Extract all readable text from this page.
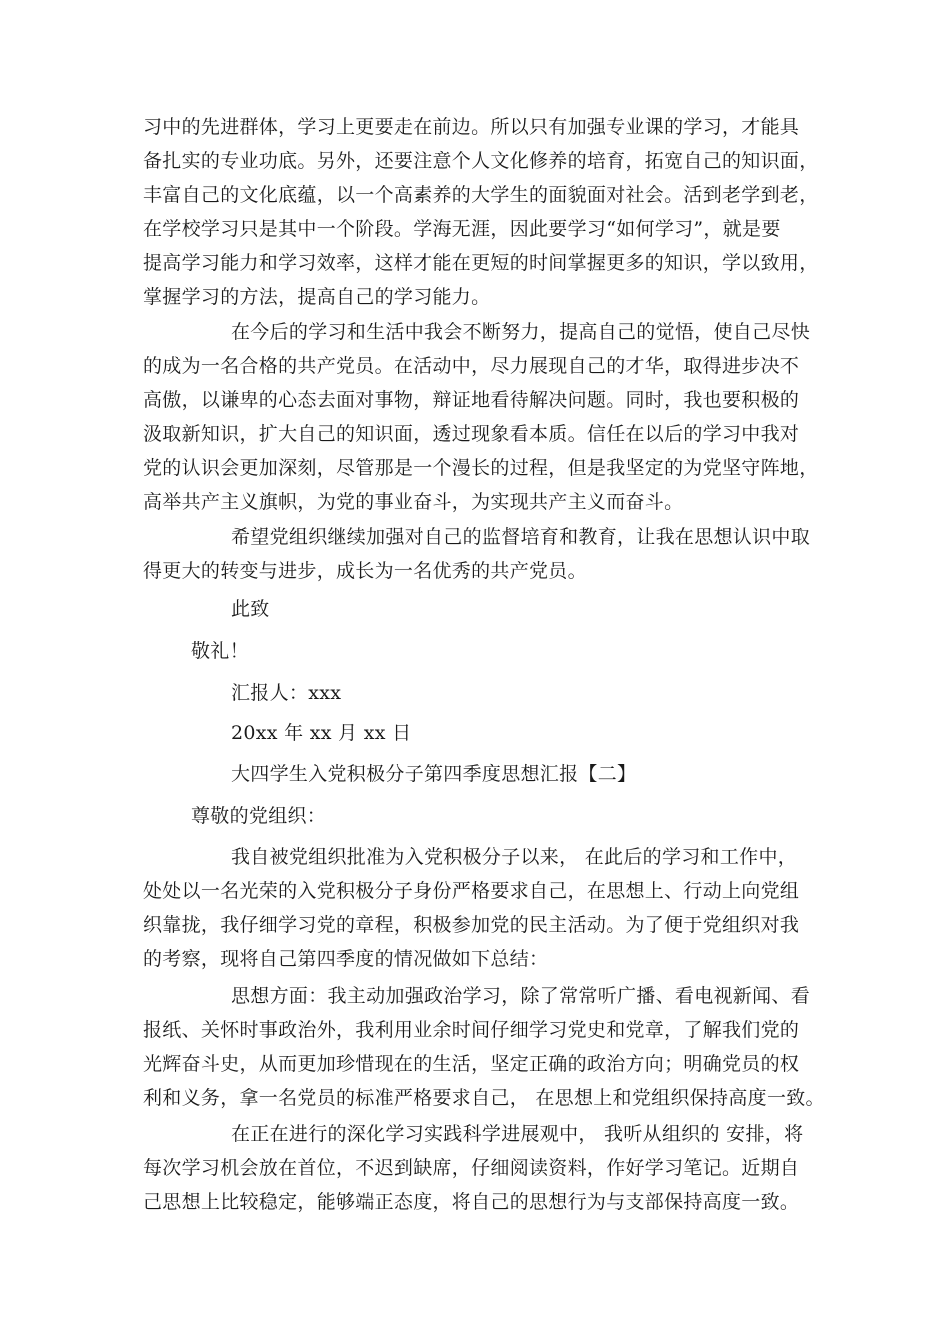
习中的先进群体，学习上更要走在前边。所以只有加强专业课的学习，才能具
备扎实的专业功底。另外，还要注意个人文化修养的培育，拓宽自己的知识面，
丰富自己的文化底蕴，以一个高素养的大学生的面貌面对社会。活到老学到老，
在学校学习只是其中一个阶段。学海无涯，因此要学习“如何学习”，就是要
提高学习能力和学习效率，这样才能在更短的时间掌握更多的知识，学以致用，
掌握学习的方法，提高自己的学习能力。
在今后的学习和生活中我会不断努力，提高自己的觉悟，使自己尽快
的成为一名合格的共产党员。在活动中，尽力展现自己的才华，取得进步决不
高傲，以谦卑的心态去面对事物，辩证地看待解决问题。同时，我也要积极的
汲取新知识，扩大自己的知识面，透过现象看本质。信任在以后的学习中我对
党的认识会更加深刻，尽管那是一个漫长的过程，但是我坚定的为党坚守阵地，
高举共产主义旗帜，为党的事业奋斗，为实现共产主义而奋斗。
希望党组织继续加强对自己的监督培育和教育，让我在思想认识中取
得更大的转变与进步，成长为一名优秀的共产党员。
此致
敬礼！
汇报人：xxx
20xx 年 xx 月 xx 日
大四学生入党积极分子第四季度思想汇报【二】
尊敬的党组织：
我自被党组织批准为入党积极分子以来， 在此后的学习和工作中，
处处以一名光荣的入党积极分子身份严格要求自己，在思想上、行动上向党组
织靠拢，我仔细学习党的章程，积极参加党的民主活动。为了便于党组织对我
的考察，现将自己第四季度的情况做如下总结：
思想方面：我主动加强政治学习，除了常常听广播、看电视新闻、看
报纸、关怀时事政治外，我利用业余时间仔细学习党史和党章，了解我们党的
光辉奋斗史，从而更加珍惜现在的生活，坚定正确的政治方向；明确党员的权
利和义务，拿一名党员的标准严格要求自己， 在思想上和党组织保持高度一致。
在正在进行的深化学习实践科学进展观中， 我听从组织的 安排，将
每次学习机会放在首位，不迟到缺席，仔细阅读资料，作好学习笔记。近期自
己思想上比较稳定，能够端正态度，将自己的思想行为与支部保持高度一致。
